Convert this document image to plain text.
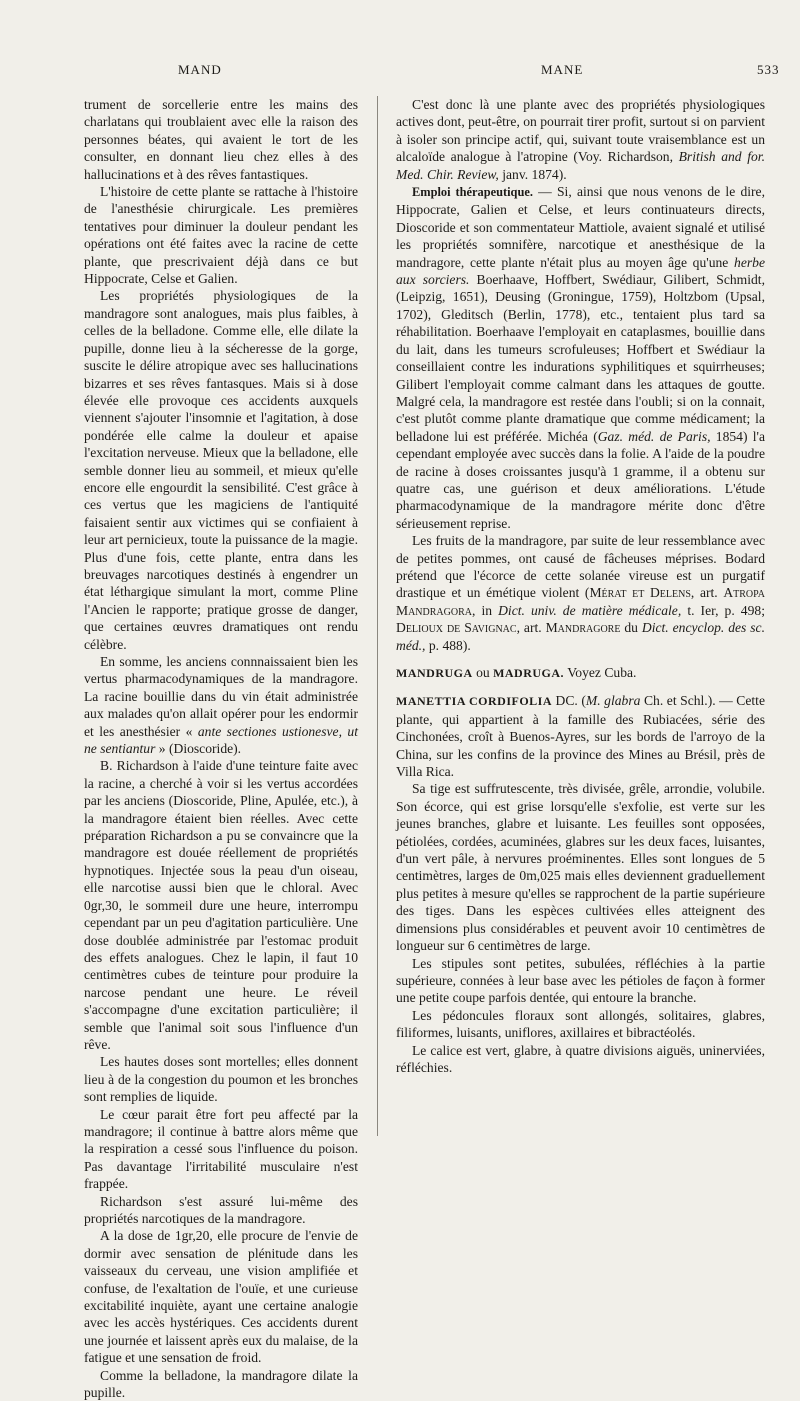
MAND	MANE	533

trument de sorcellerie entre les mains des charlatans qui troublaient avec elle la raison des personnes béates, qui avaient le tort de les consulter, en donnant lieu chez elles à des hallucinations et à des rêves fantastiques.

L'histoire de cette plante se rattache à l'histoire de l'anesthésie chirurgicale. Les premières tentatives pour diminuer la douleur pendant les opérations ont été faites avec la racine de cette plante, que prescrivaient déjà dans ce but Hippocrate, Celse et Galien.

Les propriétés physiologiques de la mandragore sont analogues, mais plus faibles, à celles de la belladone. Comme elle, elle dilate la pupille, donne lieu à la sécheresse de la gorge, suscite le délire atropique avec ses hallucinations bizarres et ses rêves fantasques. Mais si à dose élevée elle provoque ces accidents auxquels viennent s'ajouter l'insomnie et l'agitation, à dose pondérée elle calme la douleur et apaise l'excitation nerveuse. Mieux que la belladone, elle semble donner lieu au sommeil, et mieux qu'elle encore elle engourdit la sensibilité. C'est grâce à ces vertus que les magiciens de l'antiquité faisaient sentir aux victimes qui se confiaient à leur art pernicieux, toute la puissance de la magie. Plus d'une fois, cette plante, entra dans les breuvages narcotiques destinés à engendrer un état léthargique simulant la mort, comme Pline l'Ancien le rapporte; pratique grosse de danger, que certaines œuvres dramatiques ont rendu célèbre.

En somme, les anciens connnaissaient bien les vertus pharmacodynamiques de la mandragore. La racine bouillie dans du vin était administrée aux malades qu'on allait opérer pour les endormir et les anesthésier « ante sectiones ustionesve, ut ne sentiantur » (Dioscoride).

B. Richardson à l'aide d'une teinture faite avec la racine, a cherché à voir si les vertus accordées par les anciens (Dioscoride, Pline, Apulée, etc.), à la mandragore étaient bien réelles. Avec cette préparation Richardson a pu se convaincre que la mandragore est douée réellement de propriétés hypnotiques. Injectée sous la peau d'un oiseau, elle narcotise aussi bien que le chloral. Avec 0gr,30, le sommeil dure une heure, interrompu cependant par un peu d'agitation particulière. Une dose doublée administrée par l'estomac produit des effets analogues. Chez le lapin, il faut 10 centimètres cubes de teinture pour produire la narcose pendant une heure. Le réveil s'accompagne d'une excitation particulière; il semble que l'animal soit sous l'influence d'un rêve.

Les hautes doses sont mortelles; elles donnent lieu à de la congestion du poumon et les bronches sont remplies de liquide.

Le cœur parait être fort peu affecté par la mandragore; il continue à battre alors même que la respiration a cessé sous l'influence du poison. Pas davantage l'irritabilité musculaire n'est frappée.

Richardson s'est assuré lui-même des propriétés narcotiques de la mandragore.

A la dose de 1gr,20, elle procure de l'envie de dormir avec sensation de plénitude dans les vaisseaux du cerveau, une vision amplifiée et confuse, de l'exaltation de l'ouïe, et une curieuse excitabilité inquiète, ayant une certaine analogie avec les accès hystériques. Ces accidents durent une journée et laissent après eux du malaise, de la fatigue et une sensation de froid.

Comme la belladone, la mandragore dilate la pupille.

C'est donc là une plante avec des propriétés physiologiques actives dont, peut-être, on pourrait tirer profit, surtout si on parvient à isoler son principe actif, qui, suivant toute vraisemblance est un alcaloïde analogue à l'atropine (Voy. Richardson, British and for. Med. Chir. Review, janv. 1874).

Emploi thérapeutique. — Si, ainsi que nous venons de le dire, Hippocrate, Galien et Celse, et leurs continuateurs directs, Dioscoride et son commentateur Mattiole, avaient signalé et utilisé les propriétés somnifère, narcotique et anesthésique de la mandragore, cette plante n'était plus au moyen âge qu'une herbe aux sorciers. Boerhaave, Hoffbert, Swédiaur, Gilibert, Schmidt, (Leipzig, 1651), Deusing (Groningue, 1759), Holtzbom (Upsal, 1702), Gleditsch (Berlin, 1778), etc., tentaient plus tard sa réhabilitation. Boerhaave l'employait en cataplasmes, bouillie dans du lait, dans les tumeurs scrofuleuses; Hoffbert et Swédiaur la conseillaient contre les indurations syphilitiques et squirrheuses; Gilibert l'employait comme calmant dans les attaques de goutte. Malgré cela, la mandragore est restée dans l'oubli; si on la connait, c'est plutôt comme plante dramatique que comme médicament; la belladone lui est préférée. Michéa (Gaz. méd. de Paris, 1854) l'a cependant employée avec succès dans la folie. A l'aide de la poudre de racine à doses croissantes jusqu'à 1 gramme, il a obtenu sur quatre cas, une guérison et deux améliorations. L'étude pharmacodynamique de la mandragore mérite donc d'être sérieusement reprise.

Les fruits de la mandragore, par suite de leur ressemblance avec de petites pommes, ont causé de fâcheuses méprises. Bodard prétend que l'écorce de cette solanée vireuse est un purgatif drastique et un émétique violent (Mérat et Delens, art. Atropa Mandragora, in Dict. univ. de matière médicale, t. Ier, p. 498; Delioux de Savignac, art. Mandragore du Dict. encyclop. des sc. méd., p. 488).

MANDRUGA ou MADRUGA. Voyez Cuba.

MANETTIA CORDIFOLIA DC. (M. glabra Ch. et Schl.). — Cette plante, qui appartient à la famille des Rubiacées, série des Cinchonées, croît à Buenos-Ayres, sur les bords de l'arroyo de la China, sur les confins de la province des Mines au Brésil, près de Villa Rica.

Sa tige est suffrutescente, très divisée, grêle, arrondie, volubile. Son écorce, qui est grise lorsqu'elle s'exfolie, est verte sur les jeunes branches, glabre et luisante. Les feuilles sont opposées, pétiolées, cordées, acuminées, glabres sur les deux faces, luisantes, d'un vert pâle, à nervures proéminentes. Elles sont longues de 5 centimètres, larges de 0m,025 mais elles deviennent graduellement plus petites à mesure qu'elles se rapprochent de la partie supérieure des tiges. Dans les espèces cultivées elles atteignent des dimensions plus considérables et peuvent avoir 10 centimètres de longueur sur 6 centimètres de large.

Les stipules sont petites, subulées, réfléchies à la partie supérieure, connées à leur base avec les pétioles de façon à former une petite coupe parfois dentée, qui entoure la branche.

Les pédoncules floraux sont allongés, solitaires, glabres, filiformes, luisants, uniflores, axillaires et bibractéolés.

Le calice est vert, glabre, à quatre divisions aiguës, uninerviées, réfléchies.
